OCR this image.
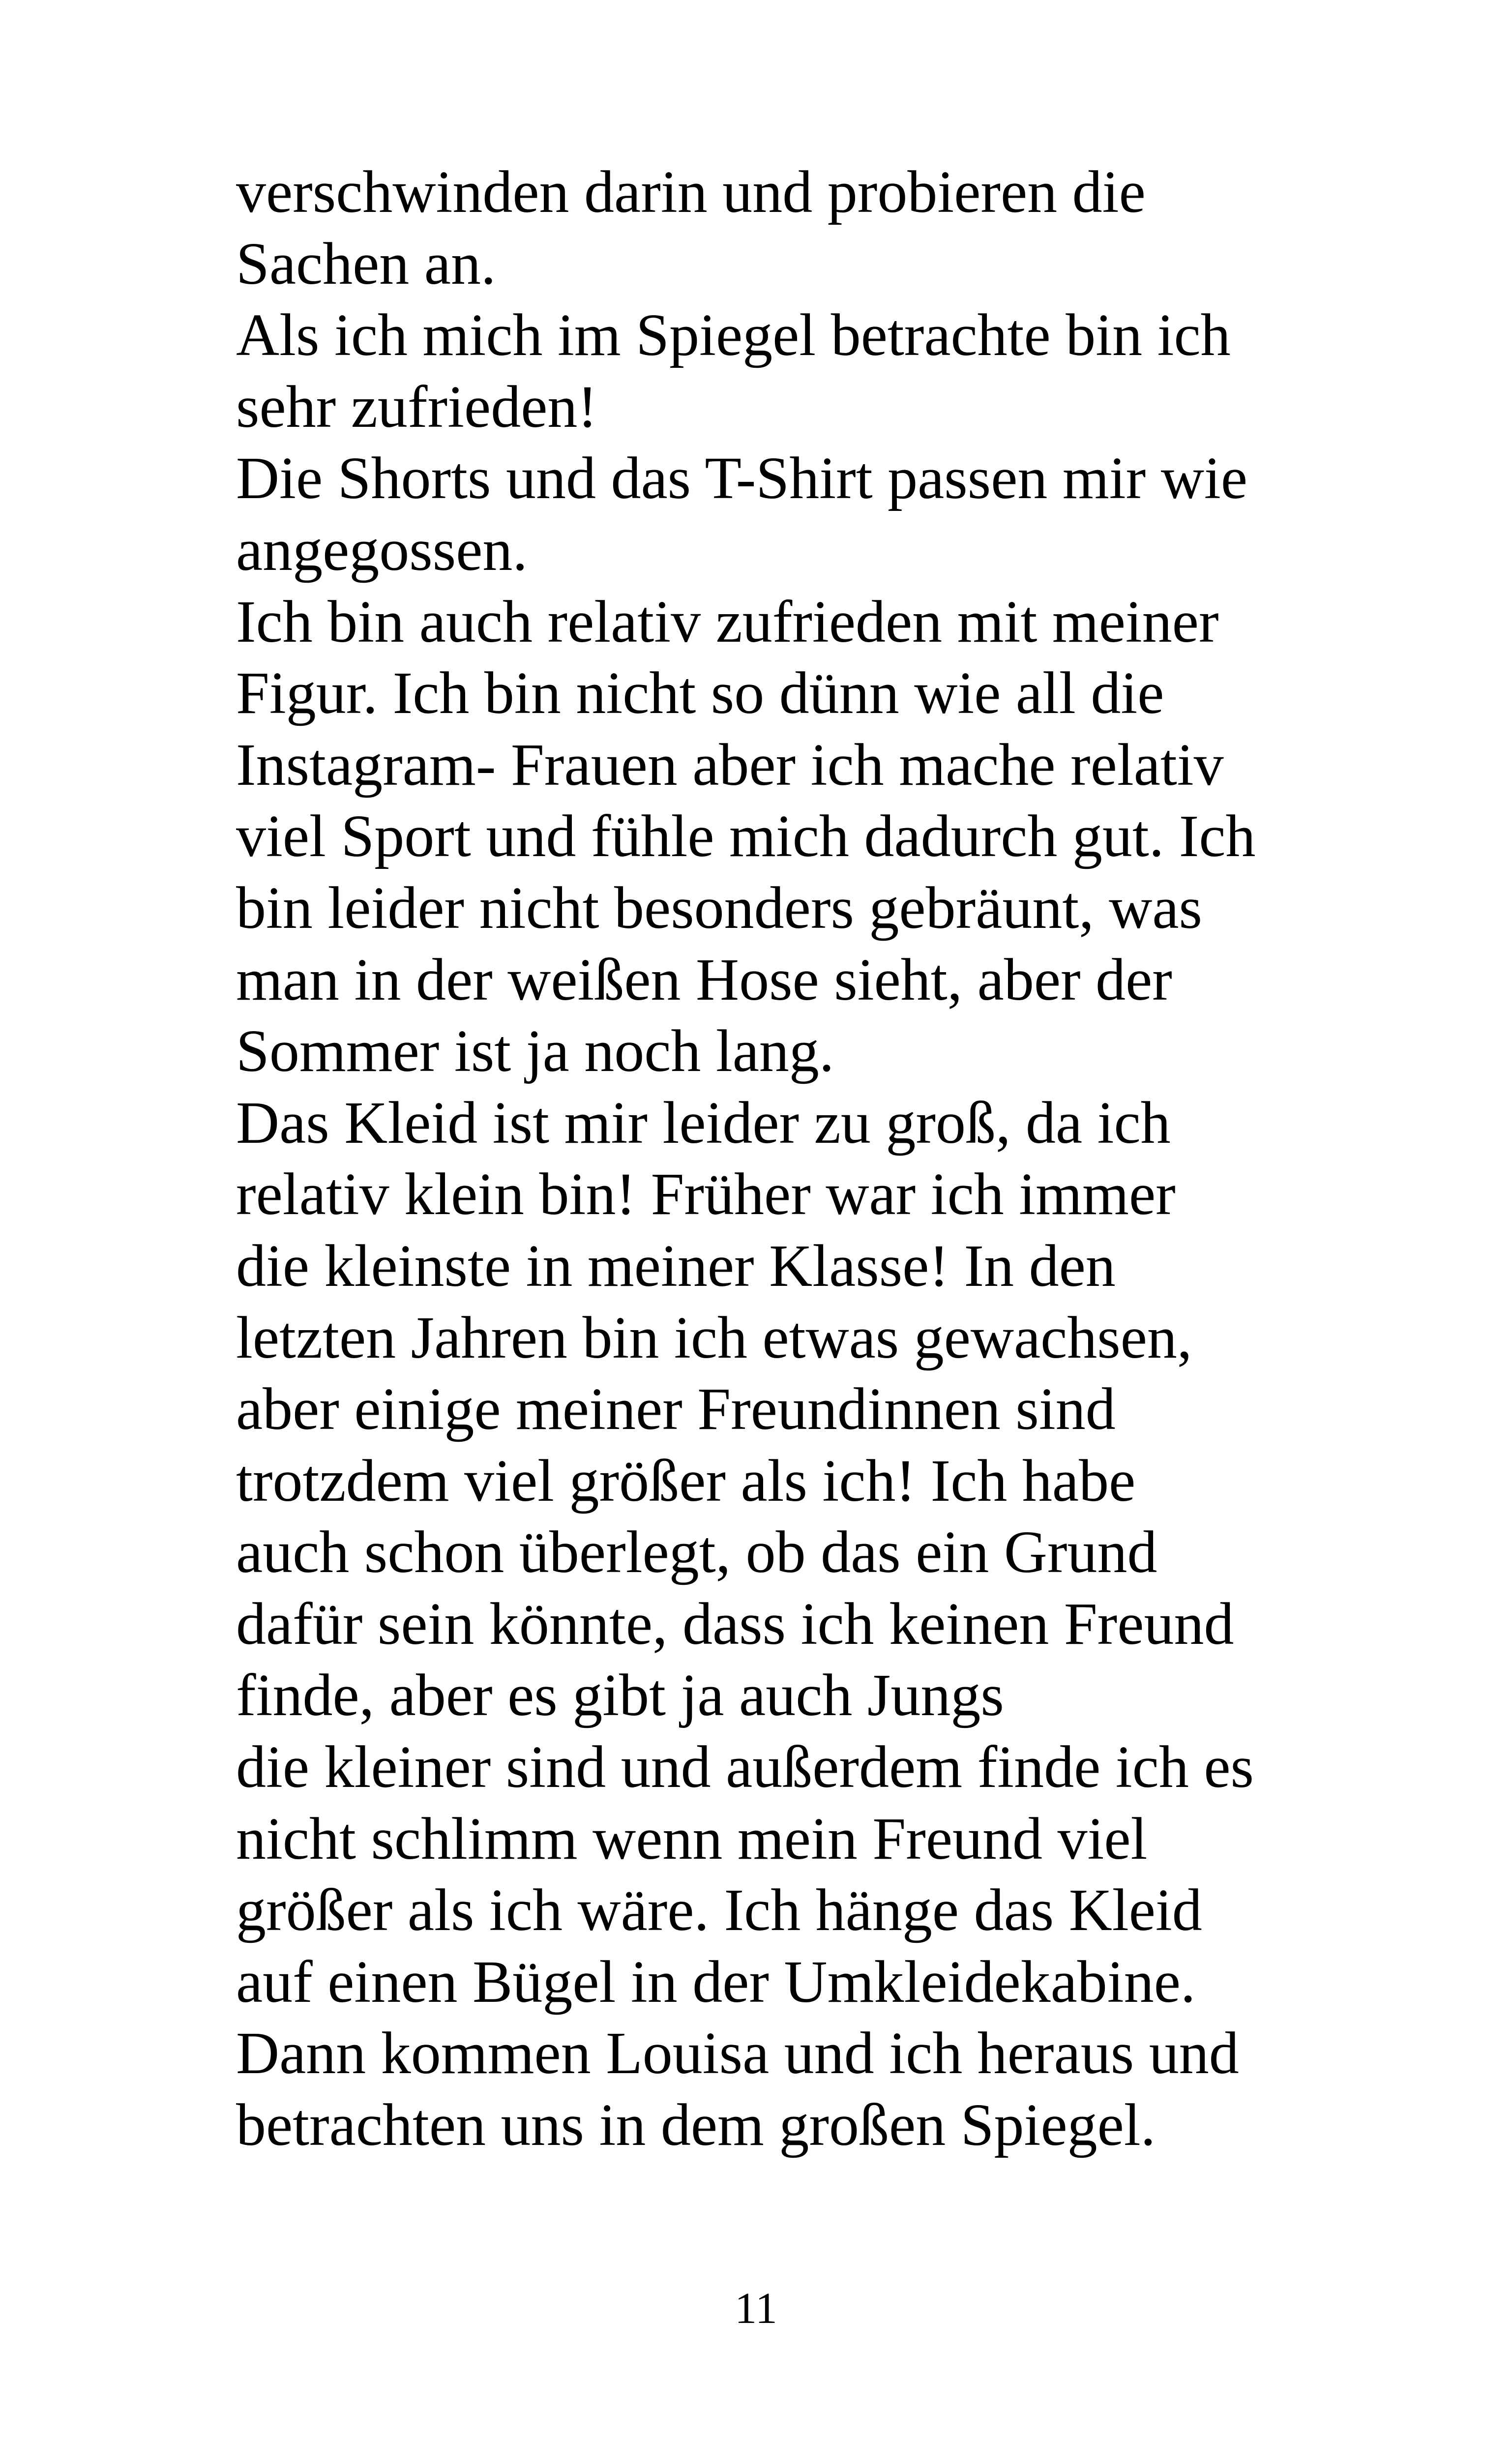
verschwinden darin und probieren die
Sachen an.
Als ich mich im Spiegel betrachte bin ich
sehr zufrieden!
Die Shorts und das T-Shirt passen mir wie
angegossen.
Ich bin auch relativ zufrieden mit meiner
Figur. Ich bin nicht so dünn wie all die
Instagram- Frauen aber ich mache relativ
viel Sport und fühle mich dadurch gut. Ich
bin leider nicht besonders gebräunt, was
man in der weißen Hose sieht, aber der
Sommer ist ja noch lang.
Das Kleid ist mir leider zu groß, da ich
relativ klein bin! Früher war ich immer
die kleinste in meiner Klasse! In den
letzten Jahren bin ich etwas gewachsen,
aber einige meiner Freundinnen sind
trotzdem viel größer als ich! Ich habe
auch schon überlegt, ob das ein Grund
dafür sein könnte, dass ich keinen Freund
finde, aber es gibt ja auch Jungs
die kleiner sind und außerdem finde ich es
nicht schlimm wenn mein Freund viel
größer als ich wäre. Ich hänge das Kleid
auf einen Bügel in der Umkleidekabine.
Dann kommen Louisa und ich heraus und
betrachten uns in dem großen Spiegel.
11
